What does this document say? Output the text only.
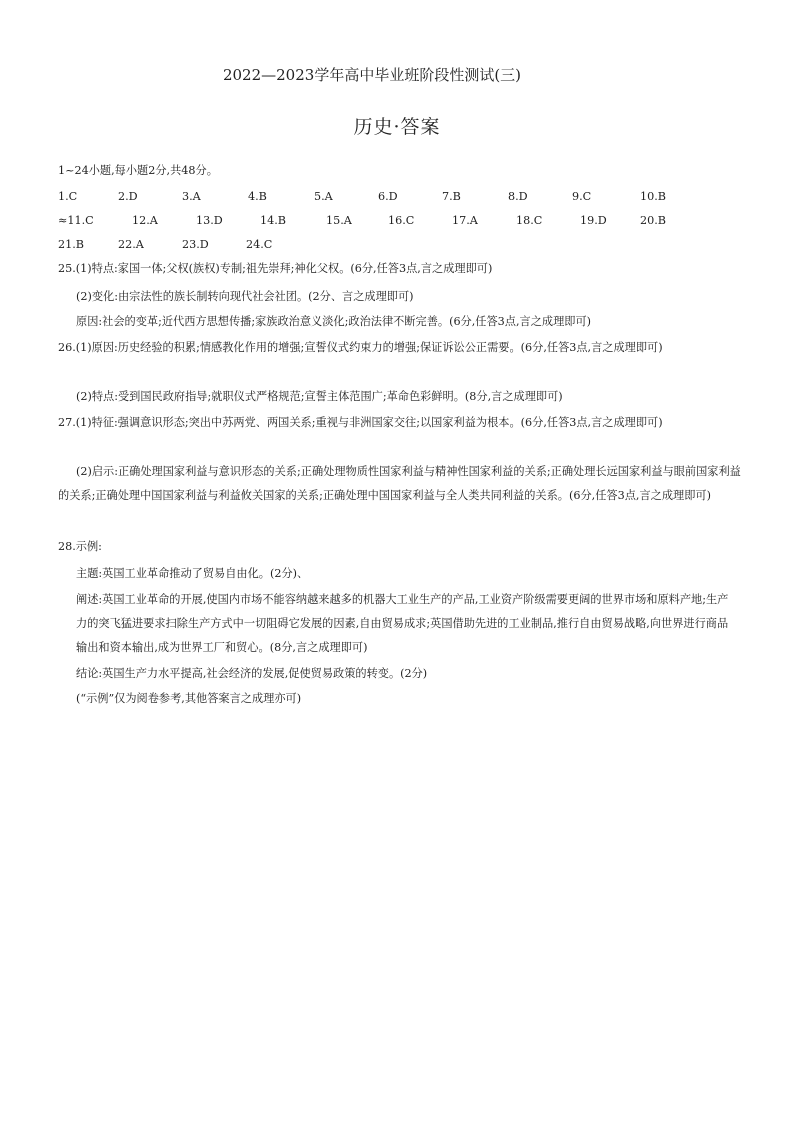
2022—2023学年高中毕业班阶段性测试(三)
历史·答案
1~24小题,每小题2分,共48分。
1.C	2.D	3.A	4.B	5.A	6.D	7.B	8.D	9.C	10.B
≈11.C	12.A	13.D	14.B	15.A	16.C	17.A	18.C	19.D	20.B
21.B	22.A	23.D	24.C
25.(1)特点:家国一体;父权(族权)专制;祖先崇拜;神化父权。(6分,任答3点,言之成理即可)
(2)变化:由宗法性的族长制转向现代社会社团。(2分、言之成理即可)
原因:社会的变革;近代西方思想传播;家族政治意义淡化;政治法律不断完善。(6分,任答3点,言之成理即可)
26.(1)原因:历史经验的积累;情感教化作用的增强;宣誓仪式约束力的增强;保证诉讼公正需要。(6分,任答3点,言之成理即可)
(2)特点:受到国民政府指导;就职仪式严格规范;宣誓主体范围广;革命色彩鲜明。(8分,言之成理即可)
27.(1)特征:强调意识形态;突出中苏两党、两国关系;重视与非洲国家交往;以国家利益为根本。(6分,任答3点,言之成理即可)
(2)启示:正确处理国家利益与意识形态的关系;正确处理物质性国家利益与精神性国家利益的关系;正确处理长远国家利益与眼前国家利益的关系;正确处理中国国家利益与利益攸关国家的关系;正确处理中国国家利益与全人类共同利益的关系。(6分,任答3点,言之成理即可)
28.示例:
主题:英国工业革命推动了贸易自由化。(2分)、
阐述:英国工业革命的开展,使国内市场不能容纳越来越多的机器大工业生产的产品,工业资产阶级需要更阔的世界市场和原料产地;生产力的突飞猛进要求扫除生产方式中一切阻碍它发展的因素,自由贸易成求;英国借助先进的工业制品,推行自由贸易战略,向世界进行商品输出和资本输出,成为世界工厂和贸心。(8分,言之成理即可)
结论:英国生产力水平提高,社会经济的发展,促使贸易政策的转变。(2分)
(“示例”仅为阅卷参考,其他答案言之成理亦可)
